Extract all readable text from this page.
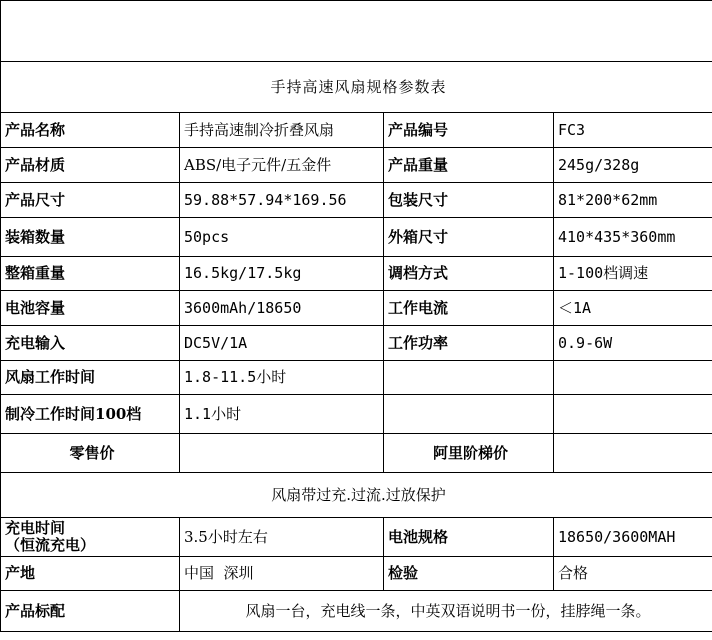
手持高速风扇规格参数表			
产品名称	手持高速制冷折叠风扇	产品编号	FC3
产品材质	ABS/电子元件/五金件	产品重量	245g/328g
产品尺寸	59.88*57.94*169.56	包装尺寸	81*200*62mm
装箱数量	50pcs	外箱尺寸	410*435*360mm
整箱重量	16.5kg/17.5kg	调档方式	1-100档调速
电池容量	3600mAh/18650	工作电流	＜1A
充电输入	DC5V/1A	工作功率	0.9-6W
风扇工作时间	1.8-11.5小时		
制冷工作时间100档	1.1小时		
零售价		阿里阶梯价	
风扇带过充.过流.过放保护			
充电时间
（恒流充电）	3.5小时左右	电池规格	18650/3600MAH
产地	中国  深圳	检验	合格
产品标配	风扇一台，充电线一条，中英双语说明书一份，挂脖绳一条。		
